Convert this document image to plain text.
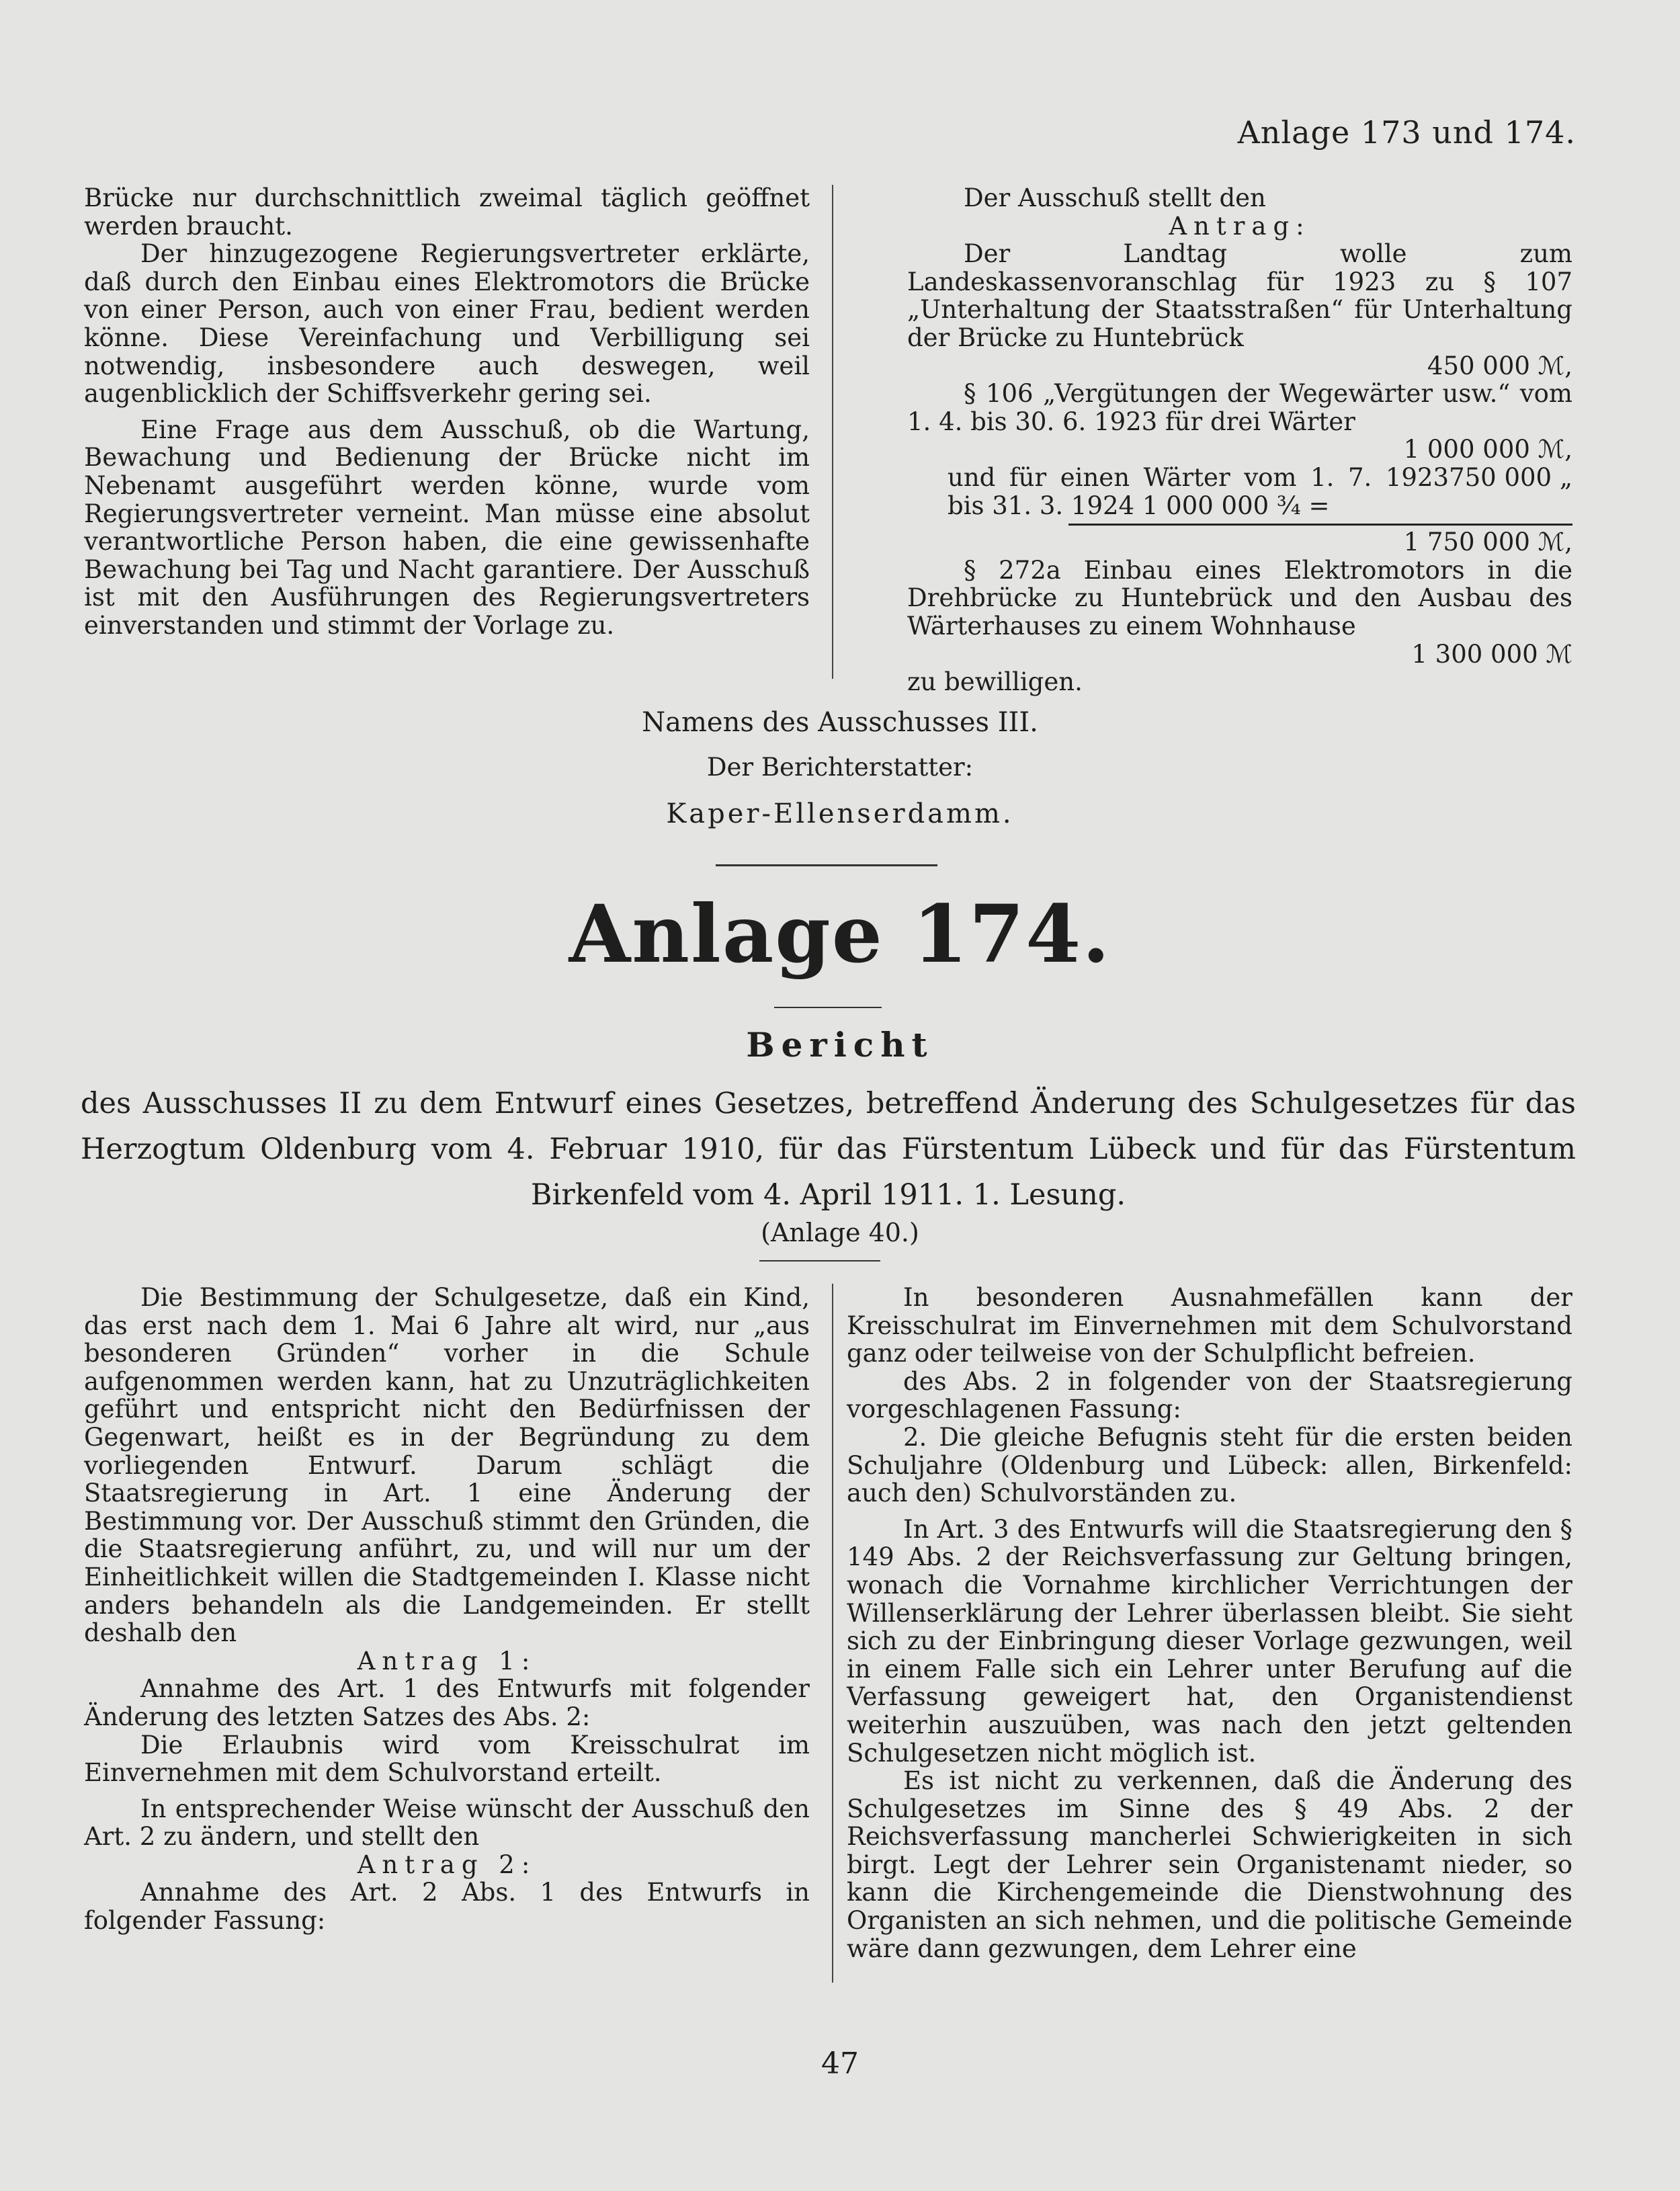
Anlage 173 und 174.

Brücke nur durchschnittlich zweimal täglich geöffnet werden braucht.

Der hinzugezogene Regierungsvertreter erklärte, daß durch den Einbau eines Elektromotors die Brücke von einer Person, auch von einer Frau, bedient werden könne. Diese Vereinfachung und Verbilligung sei notwendig, insbesondere auch deswegen, weil augenblicklich der Schiffsverkehr gering sei.

Eine Frage aus dem Ausschuß, ob die Wartung, Bewachung und Bedienung der Brücke nicht im Nebenamt ausgeführt werden könne, wurde vom Regierungsvertreter verneint. Man müsse eine absolut verantwortliche Person haben, die eine gewissenhafte Bewachung bei Tag und Nacht garantiere. Der Ausschuß ist mit den Ausführungen des Regierungsvertreters einverstanden und stimmt der Vorlage zu.

Der Ausschuß stellt den

Antrag:

Der Landtag wolle zum Landeskassenvoranschlag für 1923 zu § 107 „Unterhaltung der Staatsstraßen“ für Unterhaltung der Brücke zu Huntebrück

450 000 ℳ,

§ 106 „Vergütungen der Wegewärter usw.“ vom 1. 4. bis 30. 6. 1923 für drei Wärter

1 000 000 ℳ,

und für einen Wärter vom 1. 7. 1923 bis 31. 3. 1924 1 000 000 ¾ =
750 000 „

1 750 000 ℳ,

§ 272a Einbau eines Elektromotors in die Drehbrücke zu Huntebrück und den Ausbau des Wärterhauses zu einem Wohnhause

1 300 000 ℳ

zu bewilligen.

Namens des Ausschusses III.
Der Berichterstatter:
Kaper-Ellenserdamm.
Anlage 174.
Bericht
des Ausschusses II zu dem Entwurf eines Gesetzes, betreffend Änderung des Schulgesetzes für das Herzogtum Oldenburg vom 4. Februar 1910, für das Fürstentum Lübeck und für das Fürstentum Birkenfeld vom 4. April 1911. 1. Lesung.
(Anlage 40.)

Die Bestimmung der Schulgesetze, daß ein Kind, das erst nach dem 1. Mai 6 Jahre alt wird, nur „aus besonderen Gründen“ vorher in die Schule aufgenommen werden kann, hat zu Unzuträglichkeiten geführt und entspricht nicht den Bedürfnissen der Gegenwart, heißt es in der Begründung zu dem vorliegenden Entwurf. Darum schlägt die Staatsregierung in Art. 1 eine Änderung der Bestimmung vor. Der Ausschuß stimmt den Gründen, die die Staatsregierung anführt, zu, und will nur um der Einheitlichkeit willen die Stadtgemeinden I. Klasse nicht anders behandeln als die Landgemeinden. Er stellt deshalb den

Antrag 1:

Annahme des Art. 1 des Entwurfs mit folgender Änderung des letzten Satzes des Abs. 2:

Die Erlaubnis wird vom Kreisschulrat im Einvernehmen mit dem Schulvorstand erteilt.

In entsprechender Weise wünscht der Ausschuß den Art. 2 zu ändern, und stellt den

Antrag 2:

Annahme des Art. 2 Abs. 1 des Entwurfs in folgender Fassung:

In besonderen Ausnahmefällen kann der Kreisschulrat im Einvernehmen mit dem Schulvorstand ganz oder teilweise von der Schulpflicht befreien.

des Abs. 2 in folgender von der Staatsregierung vorgeschlagenen Fassung:

2. Die gleiche Befugnis steht für die ersten beiden Schuljahre (Oldenburg und Lübeck: allen, Birkenfeld: auch den) Schulvorständen zu.

In Art. 3 des Entwurfs will die Staatsregierung den § 149 Abs. 2 der Reichsverfassung zur Geltung bringen, wonach die Vornahme kirchlicher Verrichtungen der Willenserklärung der Lehrer überlassen bleibt. Sie sieht sich zu der Einbringung dieser Vorlage gezwungen, weil in einem Falle sich ein Lehrer unter Berufung auf die Verfassung geweigert hat, den Organistendienst weiterhin auszuüben, was nach den jetzt geltenden Schulgesetzen nicht möglich ist.

Es ist nicht zu verkennen, daß die Änderung des Schulgesetzes im Sinne des § 49 Abs. 2 der Reichsverfassung mancherlei Schwierigkeiten in sich birgt. Legt der Lehrer sein Organistenamt nieder, so kann die Kirchengemeinde die Dienstwohnung des Organisten an sich nehmen, und die politische Gemeinde wäre dann gezwungen, dem Lehrer eine

47
